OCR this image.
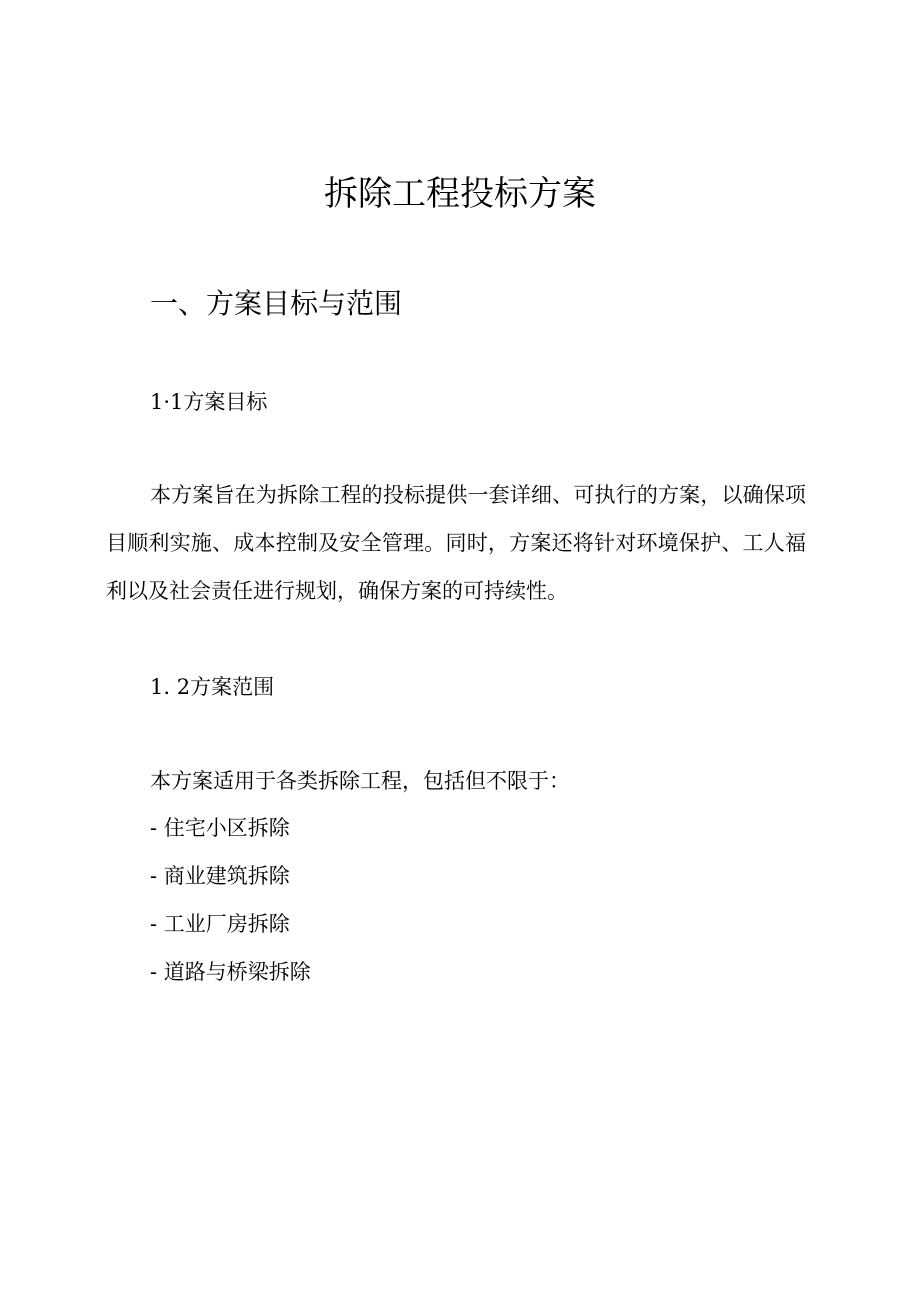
拆除工程投标方案
一、方案目标与范围
1·1方案目标

本方案旨在为拆除工程的投标提供一套详细、可执行的方案，以确保项目顺利实施、成本控制及安全管理。同时，方案还将针对环境保护、工人福利以及社会责任进行规划，确保方案的可持续性。

1. 2方案范围

本方案适用于各类拆除工程，包括但不限于：

- 住宅小区拆除
- 商业建筑拆除
- 工业厂房拆除
- 道路与桥梁拆除
